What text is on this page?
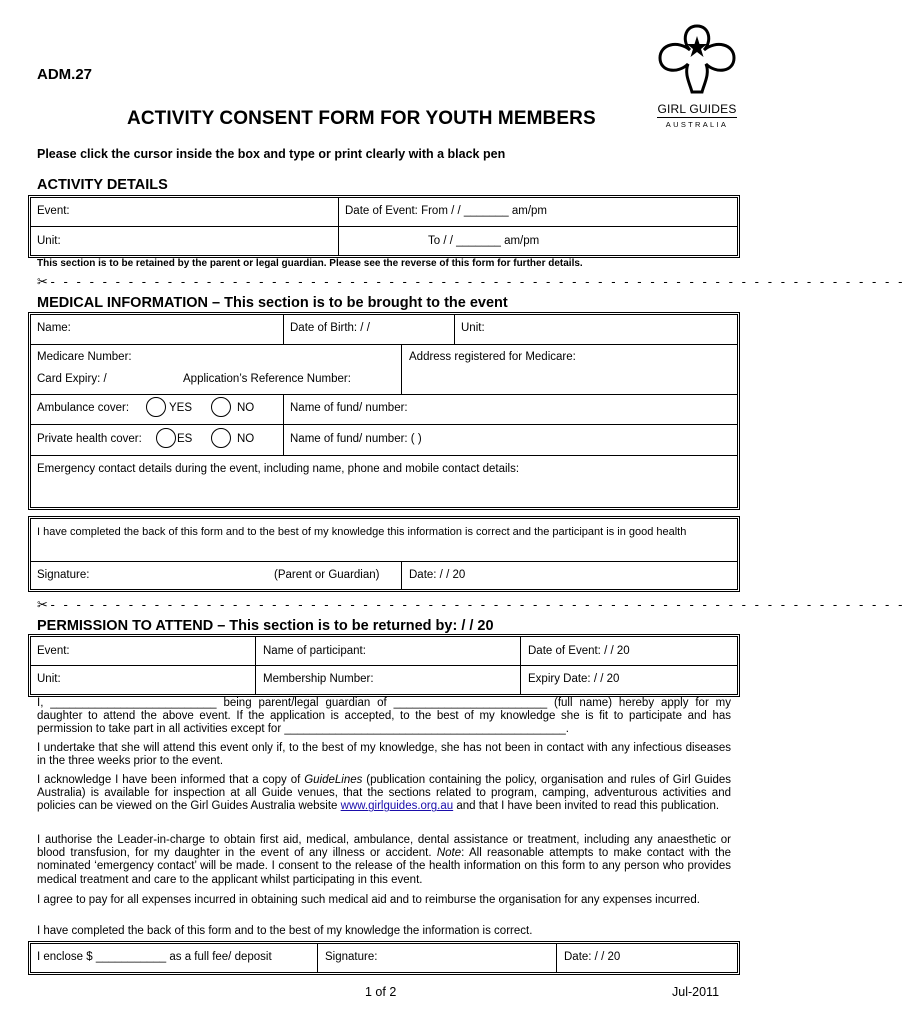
ADM.27
ACTIVITY CONSENT FORM FOR YOUTH MEMBERS
Please click the cursor inside the box and type or print clearly with a black pen
GIRL GUIDES
AUSTRALIA
ACTIVITY DETAILS
Event:	Date of Event: From / / _______ am/pm
Unit:	To / / _______ am/pm
This section is to be retained by the parent or legal guardian. Please see the reverse of this form for further details.
✂- - - - - - - - - - - - - - - - - - - - - - - - - - - - - - - - - - - - - - - - - - - - - - - - - - - - - - - - - - - - - - - - - -
MEDICAL INFORMATION – This section is to be brought to the event
Name:	Date of Birth: / /	Unit:
Medicare Number:
Card Expiry: /	Application’s Reference Number:
Address registered for Medicare:
Ambulance cover:	YES	NO	Name of fund/ number:
Private health cover:	ES	NO	Name of fund/ number: ( )
Emergency contact details during the event, including name, phone and mobile contact details:
I have completed the back of this form and to the best of my knowledge this information is correct and the participant is in good health
Signature:	(Parent or Guardian)	Date: / / 20
✂- - - - - - - - - - - - - - - - - - - - - - - - - - - - - - - - - - - - - - - - - - - - - - - - - - - - - - - - - - - - - - - - - -
PERMISSION TO ATTEND – This section is to be returned by: / / 20
Event:	Name of participant:	Date of Event: / / 20
Unit:	Membership Number:	Expiry Date: / / 20
I, __________________________ being parent/legal guardian of ________________________ (full name) hereby apply for my daughter to attend the above event. If the application is accepted, to the best of my knowledge she is fit to participate and has permission to take part in all activities except for ____________________________________________.
I undertake that she will attend this event only if, to the best of my knowledge, she has not been in contact with any infectious diseases in the three weeks prior to the event.
I acknowledge I have been informed that a copy of GuideLines (publication containing the policy, organisation and rules of Girl Guides Australia) is available for inspection at all Guide venues, that the sections related to program, camping, adventurous activities and policies can be viewed on the Girl Guides Australia website www.girlguides.org.au and that I have been invited to read this publication.
I authorise the Leader-in-charge to obtain first aid, medical, ambulance, dental assistance or treatment, including any anaesthetic or blood transfusion, for my daughter in the event of any illness or accident. Note: All reasonable attempts to make contact with the nominated ‘emergency contact’ will be made. I consent to the release of the health information on this form to any person who provides medical treatment and care to the applicant whilst participating in this event.
I agree to pay for all expenses incurred in obtaining such medical aid and to reimburse the organisation for any expenses incurred.
I have completed the back of this form and to the best of my knowledge the information is correct.
I enclose $ ___________ as a full fee/ deposit	Signature:	Date: / / 20
1 of 2	Jul-2011
